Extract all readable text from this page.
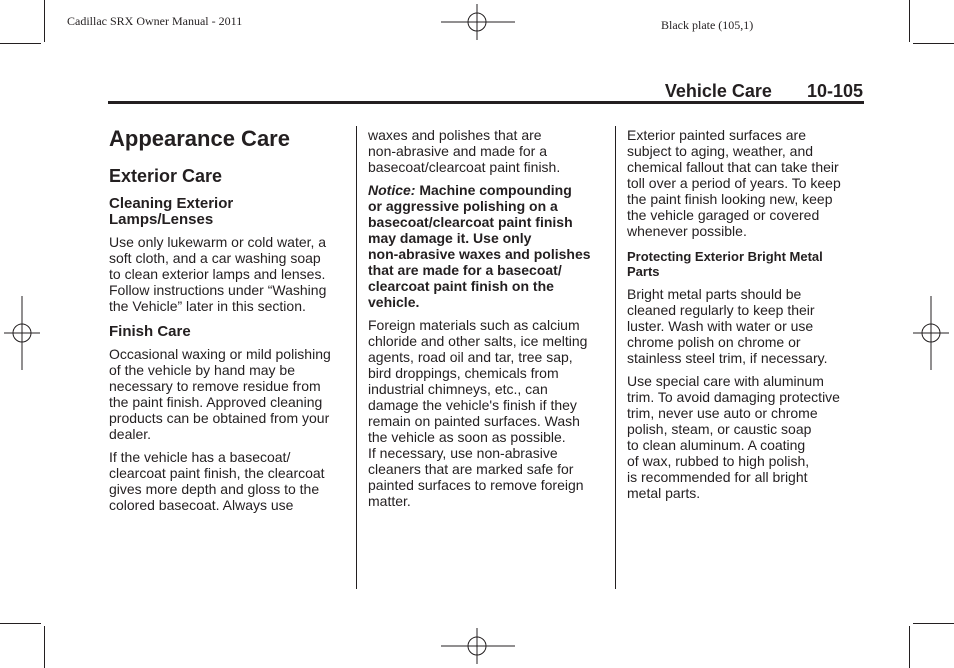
Cadillac SRX Owner Manual - 2011	Black plate (105,1)
Vehicle Care 10-105
Appearance Care
Exterior Care
Cleaning Exterior
Lamps/Lenses

Use only lukewarm or cold water, a
soft cloth, and a car washing soap
to clean exterior lamps and lenses.
Follow instructions under “Washing
the Vehicle” later in this section.

Finish Care

Occasional waxing or mild polishing
of the vehicle by hand may be
necessary to remove residue from
the paint finish. Approved cleaning
products can be obtained from your
dealer.

If the vehicle has a basecoat/
clearcoat paint finish, the clearcoat
gives more depth and gloss to the
colored basecoat. Always use

waxes and polishes that are
non-abrasive and made for a
basecoat/clearcoat paint finish.

Notice: Machine compounding
or aggressive polishing on a
basecoat/clearcoat paint finish
may damage it. Use only
non-abrasive waxes and polishes
that are made for a basecoat/
clearcoat paint finish on the
vehicle.

Foreign materials such as calcium
chloride and other salts, ice melting
agents, road oil and tar, tree sap,
bird droppings, chemicals from
industrial chimneys, etc., can
damage the vehicle's finish if they
remain on painted surfaces. Wash
the vehicle as soon as possible.
If necessary, use non-abrasive
cleaners that are marked safe for
painted surfaces to remove foreign
matter.

Exterior painted surfaces are
subject to aging, weather, and
chemical fallout that can take their
toll over a period of years. To keep
the paint finish looking new, keep
the vehicle garaged or covered
whenever possible.

Protecting Exterior Bright Metal
Parts

Bright metal parts should be
cleaned regularly to keep their
luster. Wash with water or use
chrome polish on chrome or
stainless steel trim, if necessary.

Use special care with aluminum
trim. To avoid damaging protective
trim, never use auto or chrome
polish, steam, or caustic soap
to clean aluminum. A coating
of wax, rubbed to high polish,
is recommended for all bright
metal parts.
